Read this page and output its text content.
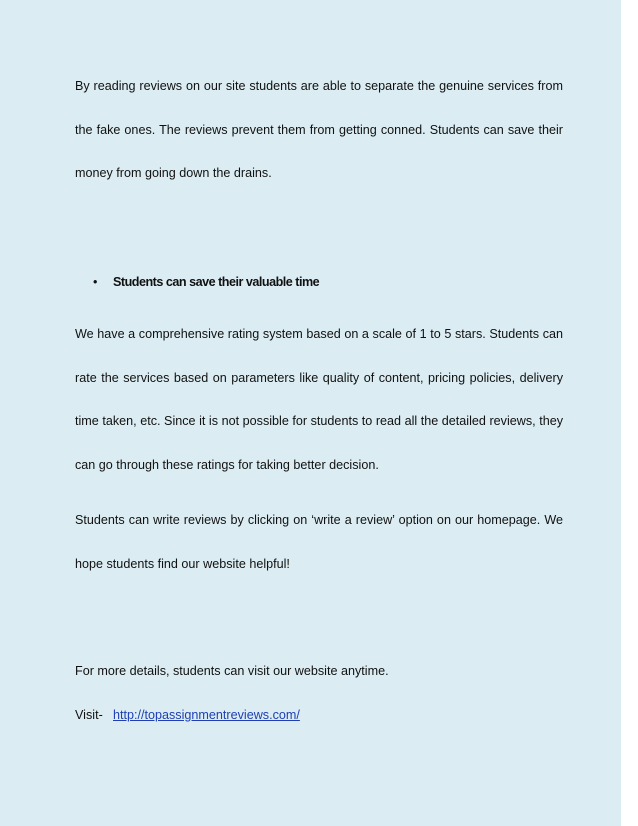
By reading reviews on our site students are able to separate the genuine services from the fake ones. The reviews prevent them from getting conned. Students can save their money from going down the drains.

• Students can save their valuable time

We have a comprehensive rating system based on a scale of 1 to 5 stars. Students can rate the services based on parameters like quality of content, pricing policies, delivery time taken, etc. Since it is not possible for students to read all the detailed reviews, they can go through these ratings for taking better decision.

Students can write reviews by clicking on ‘write a review’ option on our homepage. We hope students find our website helpful!

For more details, students can visit our website anytime.

Visit- http://topassignmentreviews.com/
